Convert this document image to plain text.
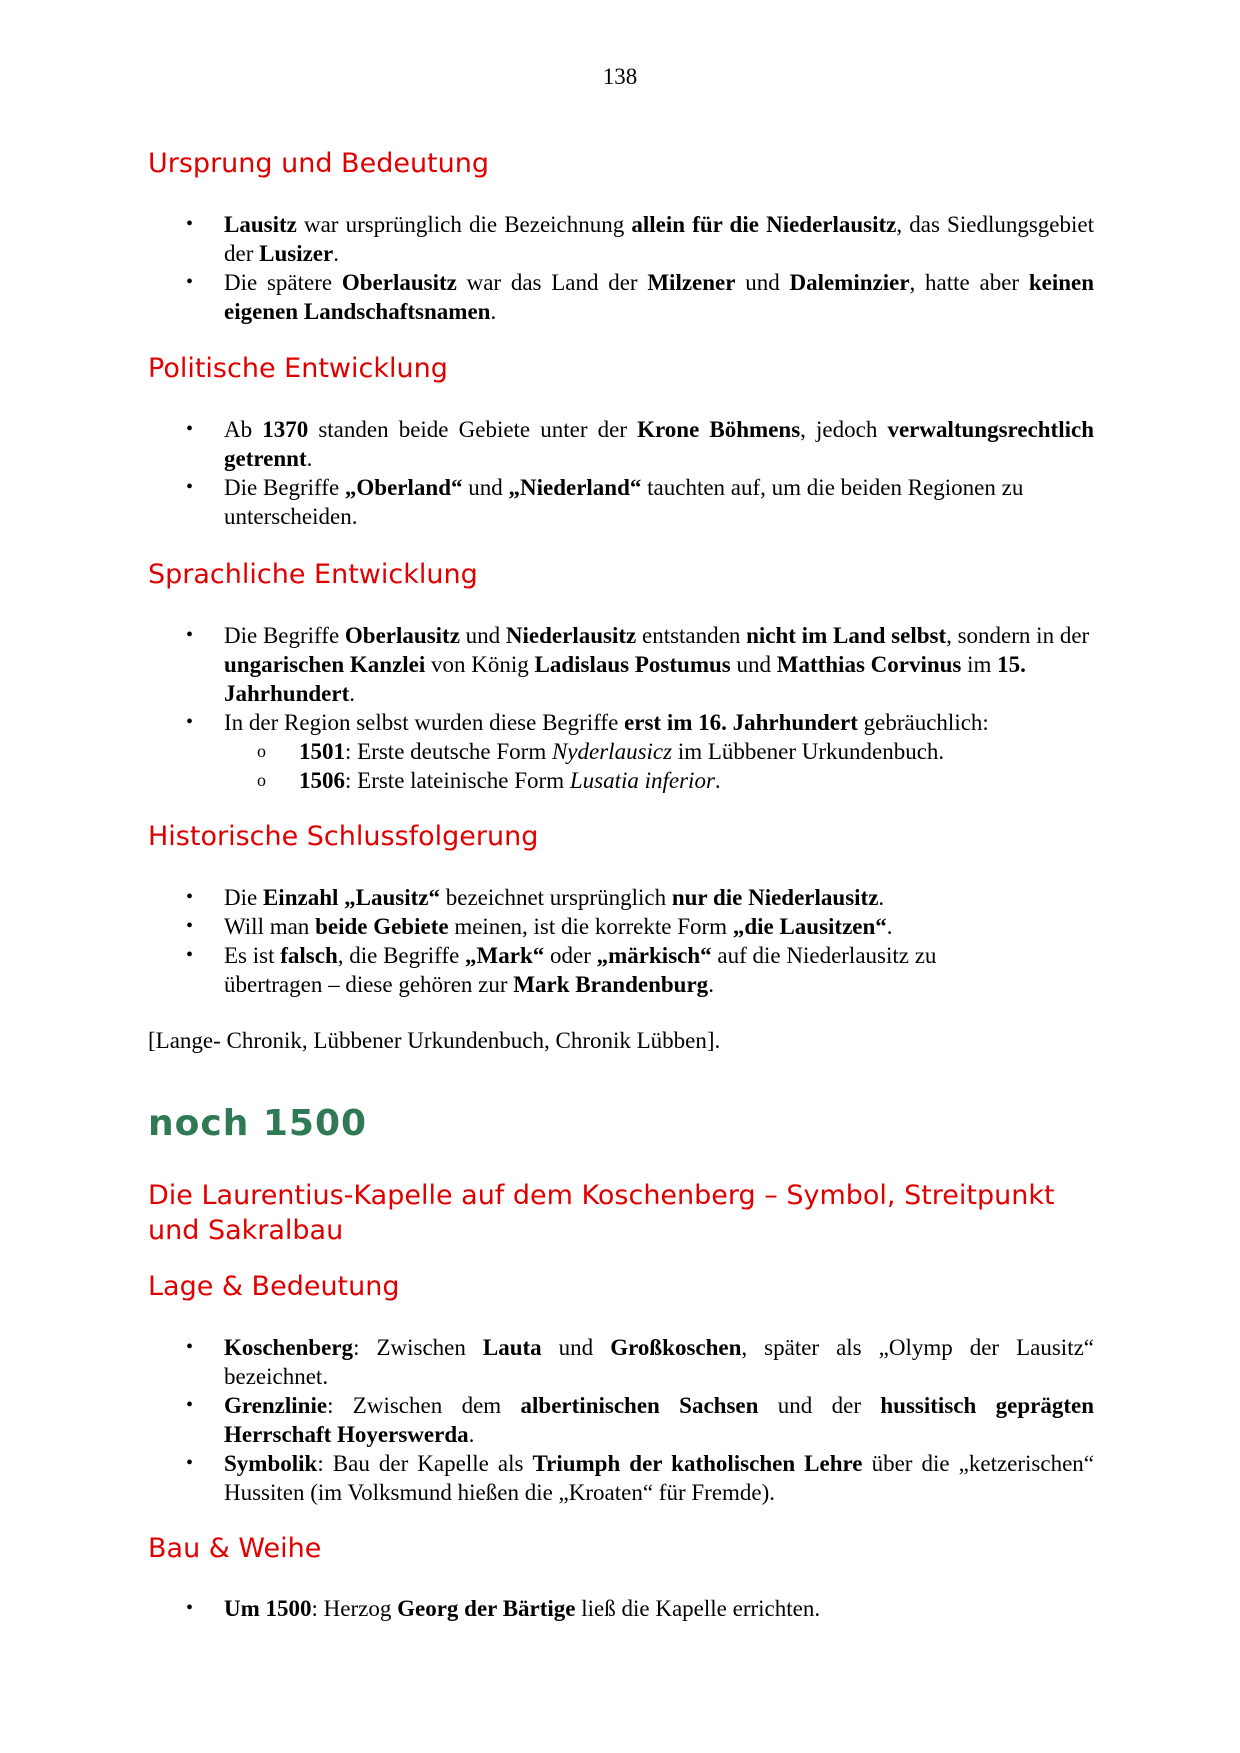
138
Ursprung und Bedeutung
• Lausitz war ursprünglich die Bezeichnung allein für die Niederlausitz, das Siedlungsgebiet der Lusizer.
• Die spätere Oberlausitz war das Land der Milzener und Daleminzier, hatte aber keinen eigenen Landschaftsnamen.
Politische Entwicklung
• Ab 1370 standen beide Gebiete unter der Krone Böhmens, jedoch verwaltungsrechtlich getrennt.
• Die Begriffe „Oberland“ und „Niederland“ tauchten auf, um die beiden Regionen zu unterscheiden.
Sprachliche Entwicklung
• Die Begriffe Oberlausitz und Niederlausitz entstanden nicht im Land selbst, sondern in der ungarischen Kanzlei von König Ladislaus Postumus und Matthias Corvinus im 15. Jahrhundert.
• In der Region selbst wurden diese Begriffe erst im 16. Jahrhundert gebräuchlich:
o 1501: Erste deutsche Form Nyderlausicz im Lübbener Urkundenbuch.
o 1506: Erste lateinische Form Lusatia inferior.
Historische Schlussfolgerung
• Die Einzahl „Lausitz“ bezeichnet ursprünglich nur die Niederlausitz.
• Will man beide Gebiete meinen, ist die korrekte Form „die Lausitzen“.
• Es ist falsch, die Begriffe „Mark“ oder „märkisch“ auf die Niederlausitz zu übertragen – diese gehören zur Mark Brandenburg.
[Lange- Chronik, Lübbener Urkundenbuch, Chronik Lübben].
noch 1500
Die Laurentius-Kapelle auf dem Koschenberg – Symbol, Streitpunkt und Sakralbau
Lage & Bedeutung
• Koschenberg: Zwischen Lauta und Großkoschen, später als „Olymp der Lausitz“ bezeichnet.
• Grenzlinie: Zwischen dem albertinischen Sachsen und der hussitisch geprägten Herrschaft Hoyerswerda.
• Symbolik: Bau der Kapelle als Triumph der katholischen Lehre über die „ketzerischen“ Hussiten (im Volksmund hießen die „Kroaten“ für Fremde).
Bau & Weihe
• Um 1500: Herzog Georg der Bärtige ließ die Kapelle errichten.
